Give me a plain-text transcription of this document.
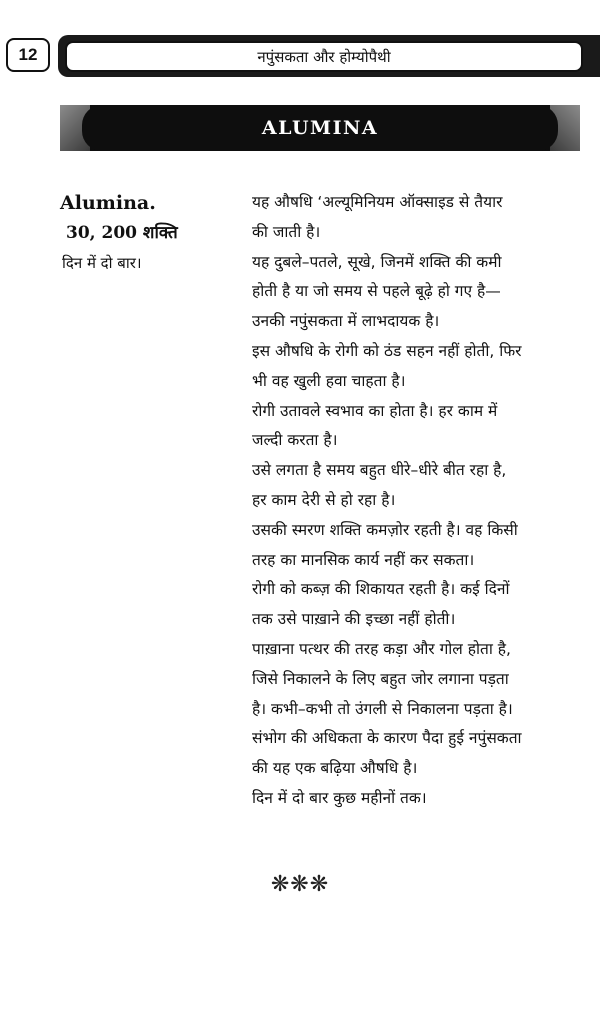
12	नपुंसकता और होम्योपैथी
ALUMINA

Alumina.

30, 200 शक्ति

दिन में दो बार।

यह औषधि ‘अल्यूमिनियम ऑक्साइड से तैयार

की जाती है।

यह दुबले–पतले, सूखे, जिनमें शक्ति की कमी

होती है या जो समय से पहले बूढ़े हो गए है—

उनकी नपुंसकता में लाभदायक है।

इस औषधि के रोगी को ठंड सहन नहीं होती, फिर

भी वह खुली हवा चाहता है।

रोगी उतावले स्वभाव का होता है। हर काम में

जल्दी करता है।

उसे लगता है समय बहुत धीरे–धीरे बीत रहा है,

हर काम देरी से हो रहा है।

उसकी स्मरण शक्ति कमज़ोर रहती है। वह किसी

तरह का मानसिक कार्य नहीं कर सकता।

रोगी को कब्ज़ की शिकायत रहती है। कई दिनों

तक उसे पाख़ाने की इच्छा नहीं होती।

पाख़ाना पत्थर की तरह कड़ा और गोल होता है,

जिसे निकालने के लिए बहुत जोर लगाना पड़ता

है। कभी–कभी तो उंगली से निकालना पड़ता है।

संभोग की अधिकता के कारण पैदा हुई नपुंसकता

की यह एक बढ़िया औषधि है।

दिन में दो बार कुछ महीनों तक।

❋❋❋
